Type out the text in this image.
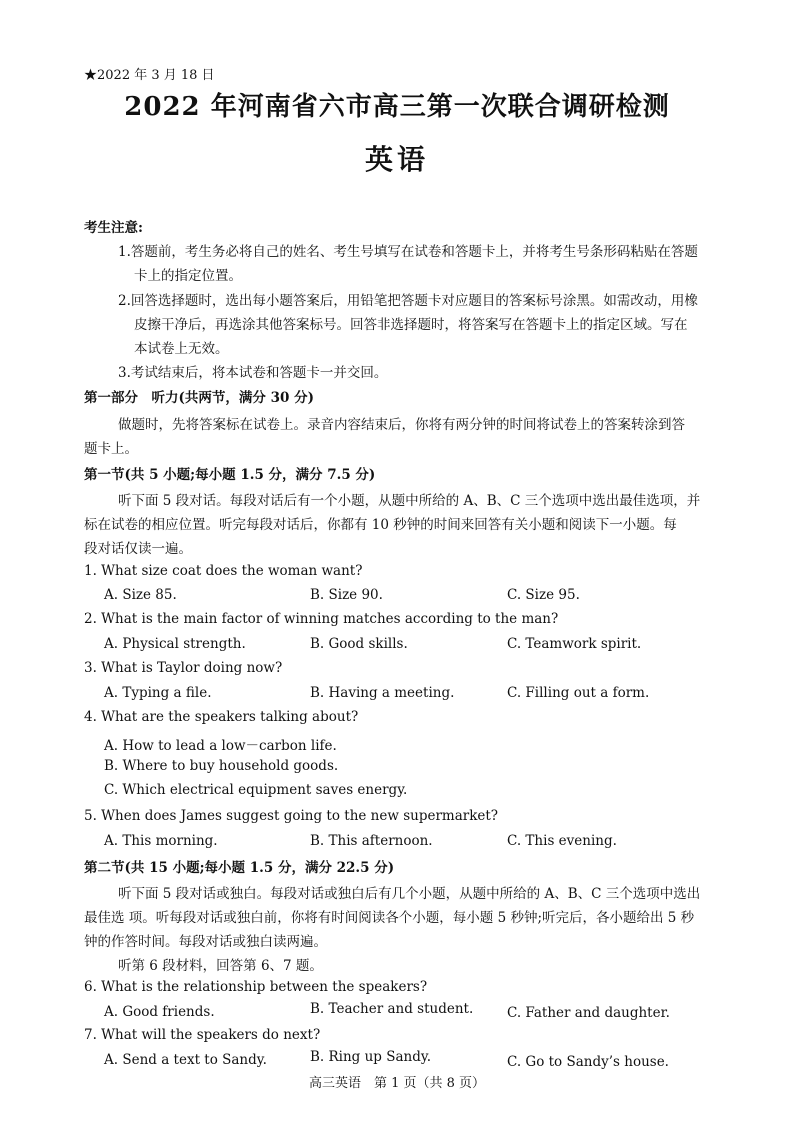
★2022 年 3 月 18 日
2022 年河南省六市高三第一次联合调研检测
英语
考生注意:
1.答题前，考生务必将自己的姓名、考生号填写在试卷和答题卡上，并将考生号条形码粘贴在答题
卡上的指定位置。
2.回答选择题时，选出每小题答案后，用铅笔把答题卡对应题目的答案标号涂黑。如需改动，用橡
皮擦干净后，再选涂其他答案标号。回答非选择题时，将答案写在答题卡上的指定区域。写在
本试卷上无效。
3.考试结束后，将本试卷和答题卡一并交回。
第一部分　听力(共两节，满分 30 分)
做题时，先将答案标在试卷上。录音内容结束后，你将有两分钟的时间将试卷上的答案转涂到答
题卡上。
第一节(共 5 小题;每小题 1.5 分，满分 7.5 分)
听下面 5 段对话。每段对话后有一个小题，从题中所给的 A、B、C 三个选项中选出最佳选项，并
标在试卷的相应位置。听完每段对话后，你都有 10 秒钟的时间来回答有关小题和阅读下一小题。每
段对话仅读一遍。
1. What size coat does the woman want?
A. Size 85.	B. Size 90.	C. Size 95.
2. What is the main factor of winning matches according to the man?
A. Physical strength.	B. Good skills.	C. Teamwork spirit.
3. What is Taylor doing now?
A. Typing a file.	B. Having a meeting.	C. Filling out a form.
4. What are the speakers talking about?
A. How to lead a low－carbon life.
B. Where to buy household goods.
C. Which electrical equipment saves energy.
5. When does James suggest going to the new supermarket?
A. This morning.	B. This afternoon.	C. This evening.
第二节(共 15 小题;每小题 1.5 分，满分 22.5 分)
听下面 5 段对话或独白。每段对话或独白后有几个小题，从题中所给的 A、B、C 三个选项中选出
最佳选 项。听每段对话或独白前，你将有时间阅读各个小题，每小题 5 秒钟;听完后，各小题给出 5 秒
钟的作答时间。每段对话或独白读两遍。
听第 6 段材料，回答第 6、7 题。
6. What is the relationship between the speakers?
A. Good friends.	B. Teacher and student. C. Father and daughter.
7. What will the speakers do next?
A. Send a text to Sandy.	B. Ring up Sandy.	C. Go to Sandy’s house.
高三英语　第 1 页（共 8 页）
